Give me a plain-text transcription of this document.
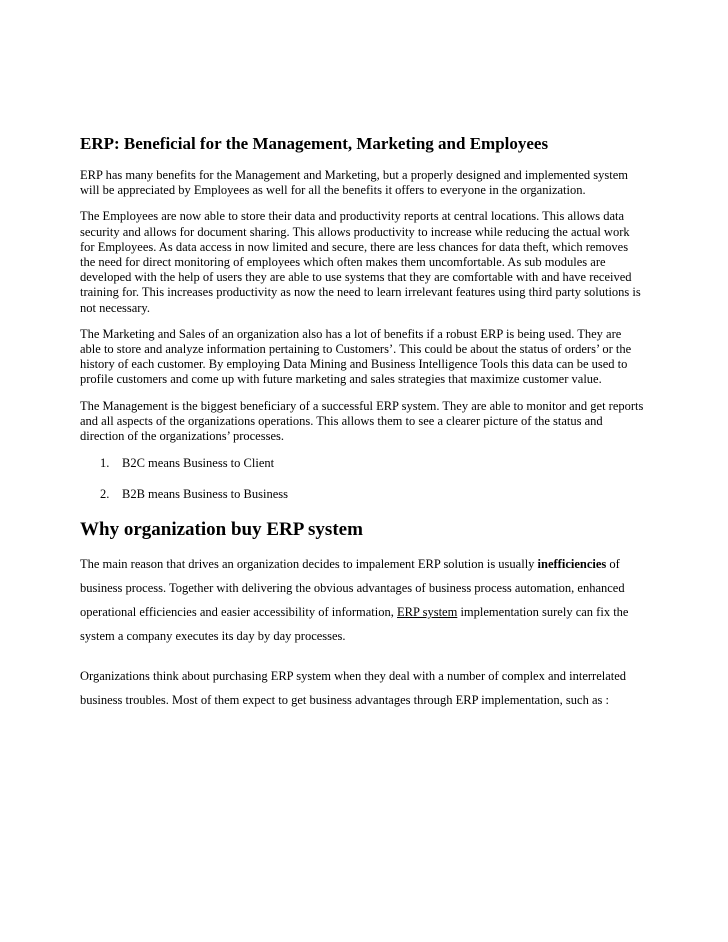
ERP: Beneficial for the Management, Marketing and Employees

ERP has many benefits for the Management and Marketing, but a properly designed and implemented system will be appreciated by Employees as well for all the benefits it offers to everyone in the organization.

The Employees are now able to store their data and productivity reports at central locations. This allows data security and allows for document sharing. This allows productivity to increase while reducing the actual work for Employees. As data access in now limited and secure, there are less chances for data theft, which removes the need for direct monitoring of employees which often makes them uncomfortable. As sub modules are developed with the help of users they are able to use systems that they are comfortable with and have received training for. This increases productivity as now the need to learn irrelevant features using third party solutions is not necessary.

The Marketing and Sales of an organization also has a lot of benefits if a robust ERP is being used. They are able to store and analyze information pertaining to Customers’. This could be about the status of orders’ or the history of each customer. By employing Data Mining and Business Intelligence Tools this data can be used to profile customers and come up with future marketing and sales strategies that maximize customer value.

The Management is the biggest beneficiary of a successful ERP system. They are able to monitor and get reports and all aspects of the organizations operations. This allows them to see a clearer picture of the status and direction of the organizations’ processes.

1. B2C means Business to Client
2. B2B means Business to Business
Why organization buy ERP system

The main reason that drives an organization decides to impalement ERP solution is usually inefficiencies of business process. Together with delivering the obvious advantages of business process automation, enhanced operational efficiencies and easier accessibility of information, ERP system implementation surely can fix the system a company executes its day by day processes.

Organizations think about purchasing ERP system when they deal with a number of complex and interrelated business troubles. Most of them expect to get business advantages through ERP implementation, such as :
